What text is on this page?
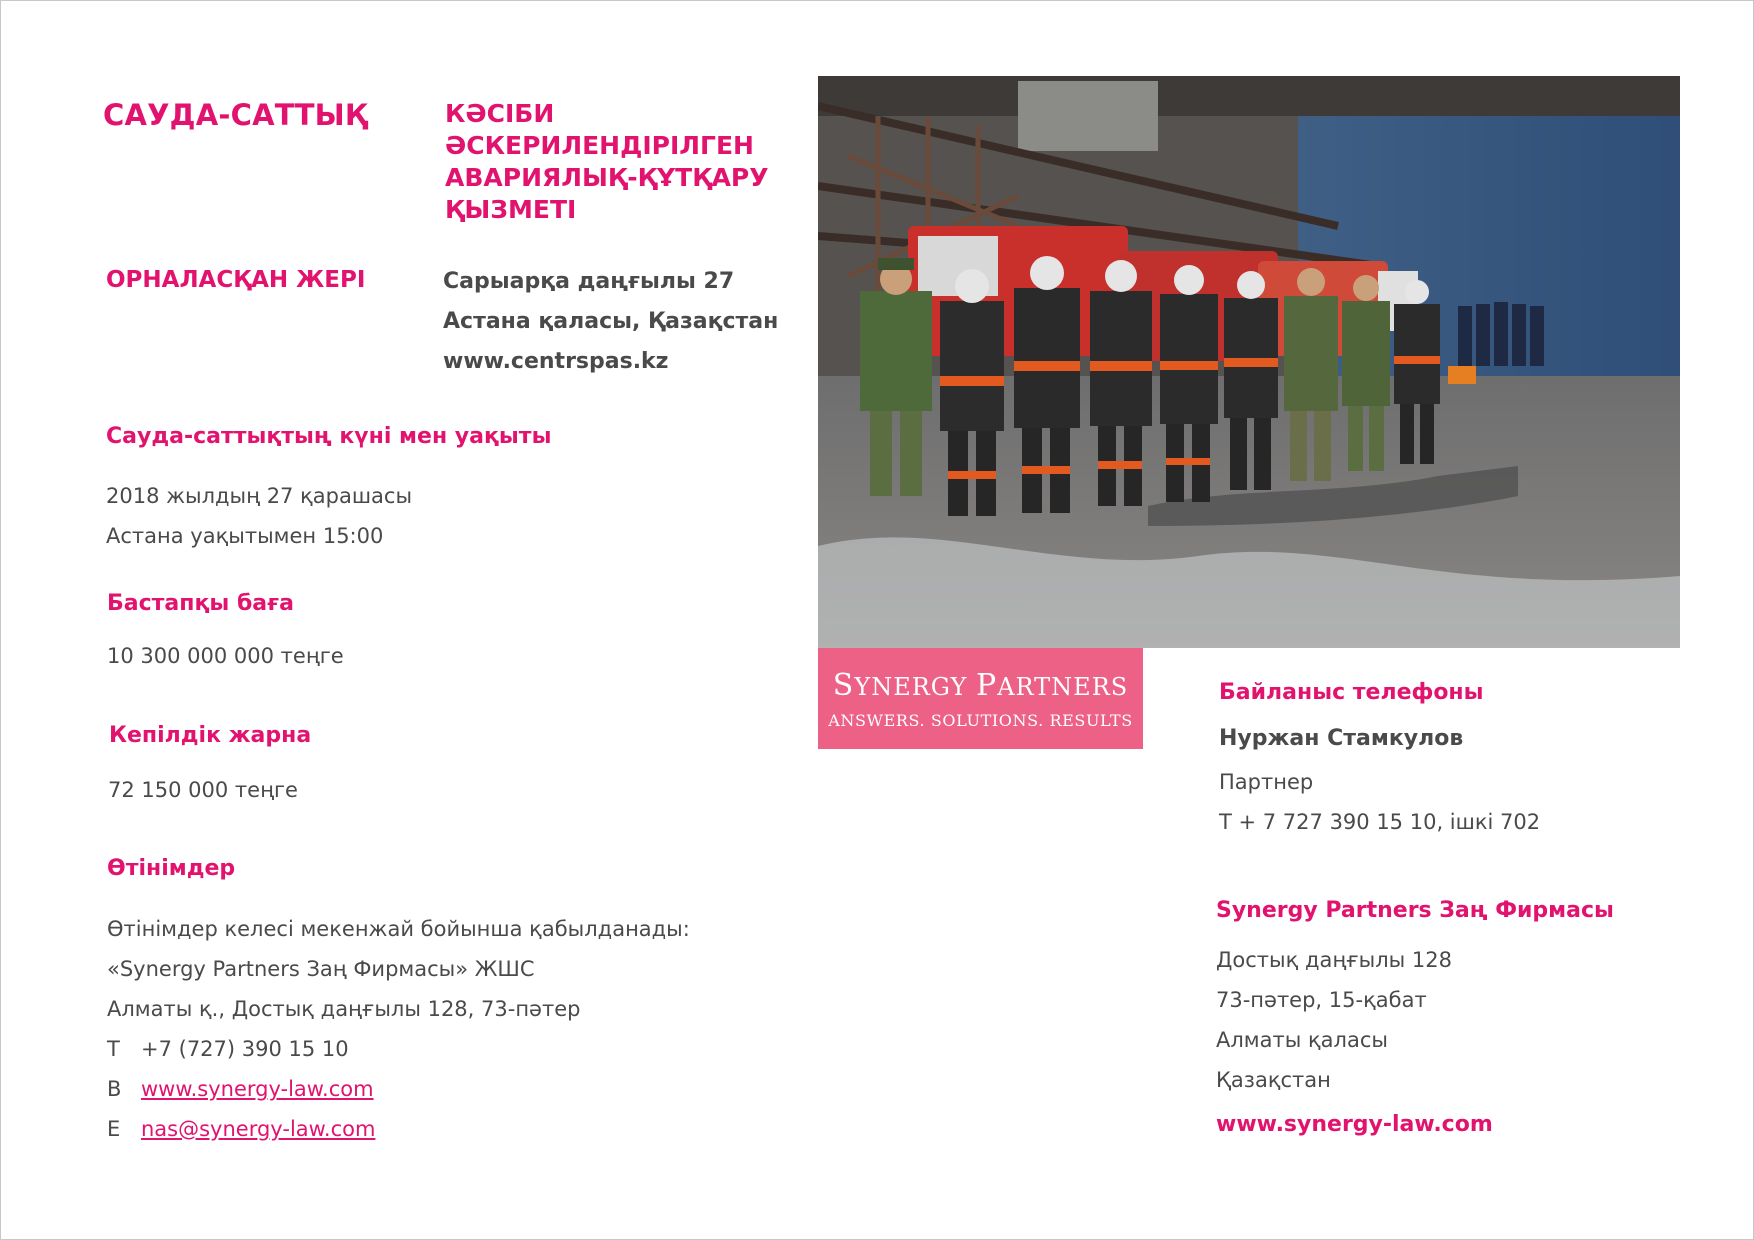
САУДА-САТТЫҚ	КӘСІБИ
ӘСКЕРИЛЕНДІРІЛГЕН
АВАРИЯЛЫҚ-ҚҰТҚАРУ
ҚЫЗМЕТІ
ОРНАЛАСҚАН ЖЕРІ	Сарыарқа даңғылы 27
Астана қаласы, Қазақстан
www.centrspas.kz
Сауда-саттықтың күні мен уақыты
2018 жылдың 27 қарашасы
Астана уақытымен 15:00
Бастапқы баға
10 300 000 000 теңге
Кепілдік жарна
72 150 000 теңге
Өтінімдер
Өтінімдер келесі мекенжай бойынша қабылданады:
«Synergy Partners Заң Фирмасы» ЖШС
Алматы қ., Достық даңғылы 128, 73-пәтер
Т +7 (727) 390 15 10
В www.synergy-law.com
Е nas@synergy-law.com
SYNERGY PARTNERS
ANSWERS. SOLUTIONS. RESULTS
Байланыс телефоны
Нуржан Стамкулов
Партнер
Т + 7 727 390 15 10, ішкі 702
Synergy Partners Заң Фирмасы
Достық даңғылы 128
73-пәтер, 15-қабат
Алматы қаласы
Қазақстан
www.synergy-law.com
